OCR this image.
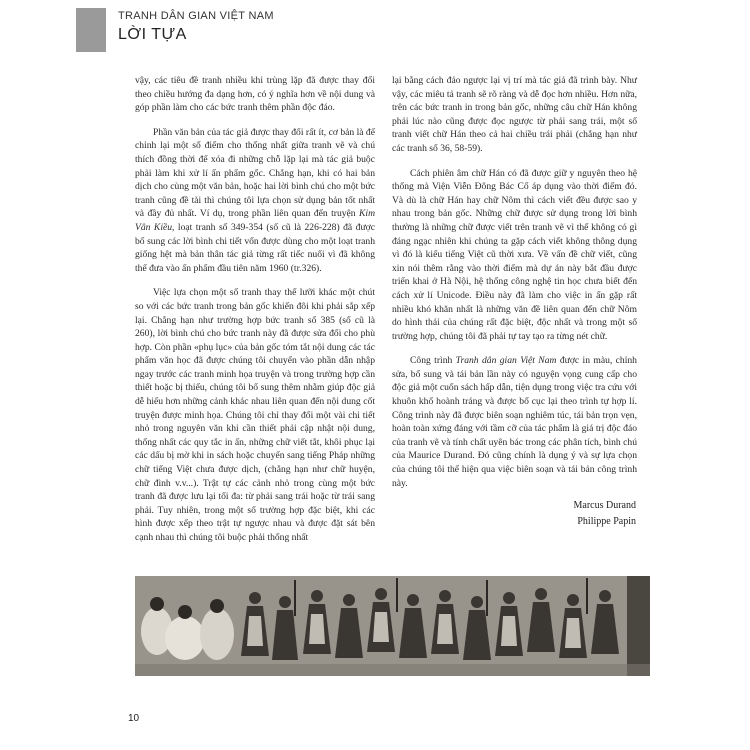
TRANH DÂN GIAN VIỆT NAM
LỜI TỰA

vậy, các tiêu đề tranh nhiều khi trùng lặp đã được thay đổi theo chiều hướng đa dạng hơn, có ý nghĩa hơn về nội dung và góp phần làm cho các bức tranh thêm phần độc đáo.

Phần văn bản của tác giả được thay đổi rất ít, cơ bản là để chỉnh lại một số điểm cho thống nhất giữa tranh vẽ và chú thích đồng thời để xóa đi những chỗ lặp lại mà tác giả buộc phải làm khi xử lí ấn phẩm gốc. Chẳng hạn, khi có hai bản dịch cho cùng một văn bản, hoặc hai lời bình chú cho một bức tranh cũng đề tài thì chúng tôi lựa chọn sử dụng bản tốt nhất và đầy đủ nhất. Ví dụ, trong phần liên quan đến truyện Kim Vân Kiều, loạt tranh số 349-354 (số cũ là 226-228) đã được bổ sung các lời bình chi tiết vốn được dùng cho một loạt tranh giống hệt mà bản thân tác giả từng rất tiếc nuối vì đã không thể đưa vào ấn phẩm đầu tiên năm 1960 (tr.326).

Việc lựa chọn một số tranh thay thế lưỡi khác một chút so với các bức tranh trong bản gốc khiến đôi khi phải sắp xếp lại. Chẳng hạn như trường hợp bức tranh số 385 (số cũ là 260), lời bình chú cho bức tranh này đã được sửa đổi cho phù hợp. Còn phần «phụ lục» của bản gốc tóm tắt nội dung các tác phẩm văn học đã được chúng tôi chuyển vào phần dẫn nhập ngay trước các tranh minh họa truyện và trong trường hợp cần thiết hoặc bị thiếu, chúng tôi bổ sung thêm nhằm giúp độc giả dễ hiểu hơn những cảnh khác nhau liên quan đến nội dung cốt truyện được minh họa. Chúng tôi chỉ thay đổi một vài chi tiết nhỏ trong nguyên văn khi cần thiết phải cập nhật nội dung, thống nhất các quy tắc in ấn, những chữ viết tắt, khôi phục lại các dấu bị mờ khi in sách hoặc chuyển sang tiếng Pháp những chữ tiếng Việt chưa được dịch, (chẳng hạn như chữ huyện, chữ đình v.v...). Trật tự các cảnh nhỏ trong cùng một bức tranh đã được lưu lại tối đa: từ phải sang trái hoặc từ trái sang phải. Tuy nhiên, trong một số trường hợp đặc biệt, khi các hình được xếp theo trật tự ngược nhau và được đặt sát bên cạnh nhau thì chúng tôi buộc phải thống nhất

lại bằng cách đảo ngược lại vị trí mà tác giả đã trình bày. Như vậy, các miêu tả tranh sẽ rõ ràng và dễ đọc hơn nhiều. Hơn nữa, trên các bức tranh in trong bản gốc, những câu chữ Hán không phải lúc nào cũng được đọc ngược từ phải sang trái, một số tranh viết chữ Hán theo cả hai chiều trái phải (chẳng hạn như các tranh số 36, 58-59).

Cách phiên âm chữ Hán có đã được giữ y nguyên theo hệ thống mà Viện Viễn Đông Bác Cổ áp dụng vào thời điểm đó. Và dù là chữ Hán hay chữ Nôm thì cách viết đều được sao y nhau trong bản gốc. Những chữ được sử dụng trong lời bình thường là những chữ được viết trên tranh vẽ vì thế không có gì đáng ngạc nhiên khi chúng ta gặp cách viết không thông dụng vì đó là kiểu tiếng Việt cũ thời xưa. Về vấn đề chữ viết, cũng xin nói thêm rằng vào thời điểm mà dự án này bắt đầu được triển khai ở Hà Nội, hệ thống công nghệ tin học chưa biết đến cách xử lí Unicode. Điều này đã làm cho việc in ấn gặp rất nhiều khó khăn nhất là những văn đề liên quan đến chữ Nôm do hình thái của chúng rất đặc biệt, độc nhất và trong một số trường hợp, chúng tôi đã phải tự tay tạo ra từng nét chữ.

Công trình Tranh dân gian Việt Nam được in màu, chỉnh sửa, bổ sung và tái bản lần này có nguyện vọng cung cấp cho độc giả một cuốn sách hấp dẫn, tiện dụng trong việc tra cứu với khuôn khổ hoành tráng và được bố cục lại theo trình tự hợp lí. Công trình này đã được biên soạn nghiêm túc, tái bản trọn vẹn, hoàn toàn xứng đáng với tầm cỡ của tác phẩm là giá trị độc đáo của tranh vẽ và tính chất uyên bác trong các phân tích, bình chú của Maurice Durand. Đó cũng chính là dụng ý và sự lựa chọn của chúng tôi thể hiện qua việc biên soạn và tái bản công trình này.

Marcus Durand
Philippe Papin
10
